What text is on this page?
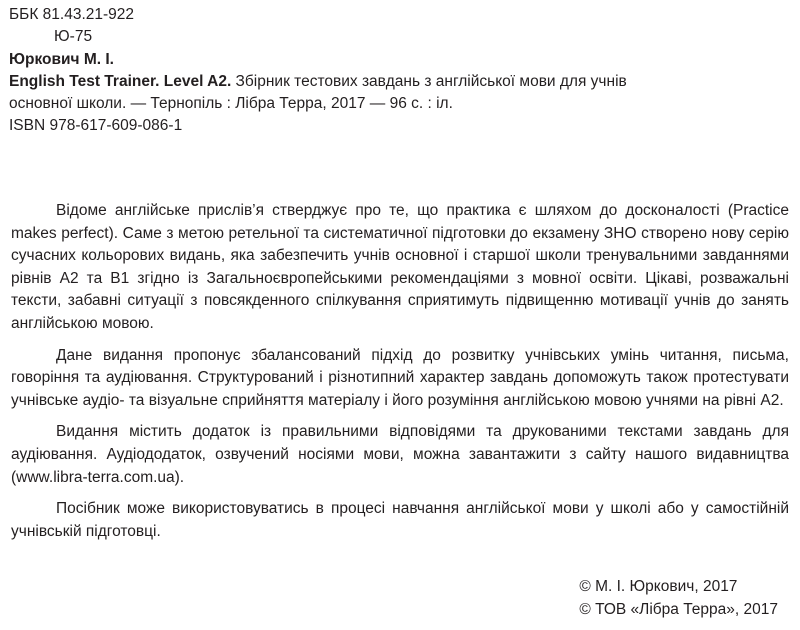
ББК 81.43.21-922
Ю-75
Юркович М. І.
English Test Trainer. Level A2. Збірник тестових завдань з англійської мови для учнів
основної школи. — Тернопіль : Лібра Терра, 2017 — 96 с. : іл.
ISBN 978-617-609-086-1

Відоме англійське прислів’я стверджує про те, що практика є шляхом до досконалості (Practice makes perfect). Саме з метою ретельної та систематичної підготовки до екзамену ЗНО створено нову серію сучасних кольорових видань, яка забезпечить учнів основної і старшої школи тренувальними завданнями рівнів А2 та В1 згідно із Загальноєвропейськими рекомендаціями з мовної освіти. Цікаві, розважальні тексти, забавні ситуації з повсякденного спілкування сприятимуть підвищенню мотивації учнів до занять англійською мовою.

Дане видання пропонує збалансований підхід до розвитку учнівських умінь читання, письма, говоріння та аудіювання. Структурований і різнотипний характер завдань допоможуть також протестувати учнівське аудіо- та візуальне сприйняття матеріалу і його розуміння англійською мовою учнями на рівні А2.

Видання містить додаток із правильними відповідями та друкованими текстами завдань для аудіювання. Аудіододаток, озвучений носіями мови, можна завантажити з сайту нашого видавництва (www.libra-terra.com.ua).

Посібник може використовуватись в процесі навчання англійської мови у школі або у самостійній учнівській підготовці.

© М. І. Юркович, 2017
© ТОВ «Лібра Терра», 2017
